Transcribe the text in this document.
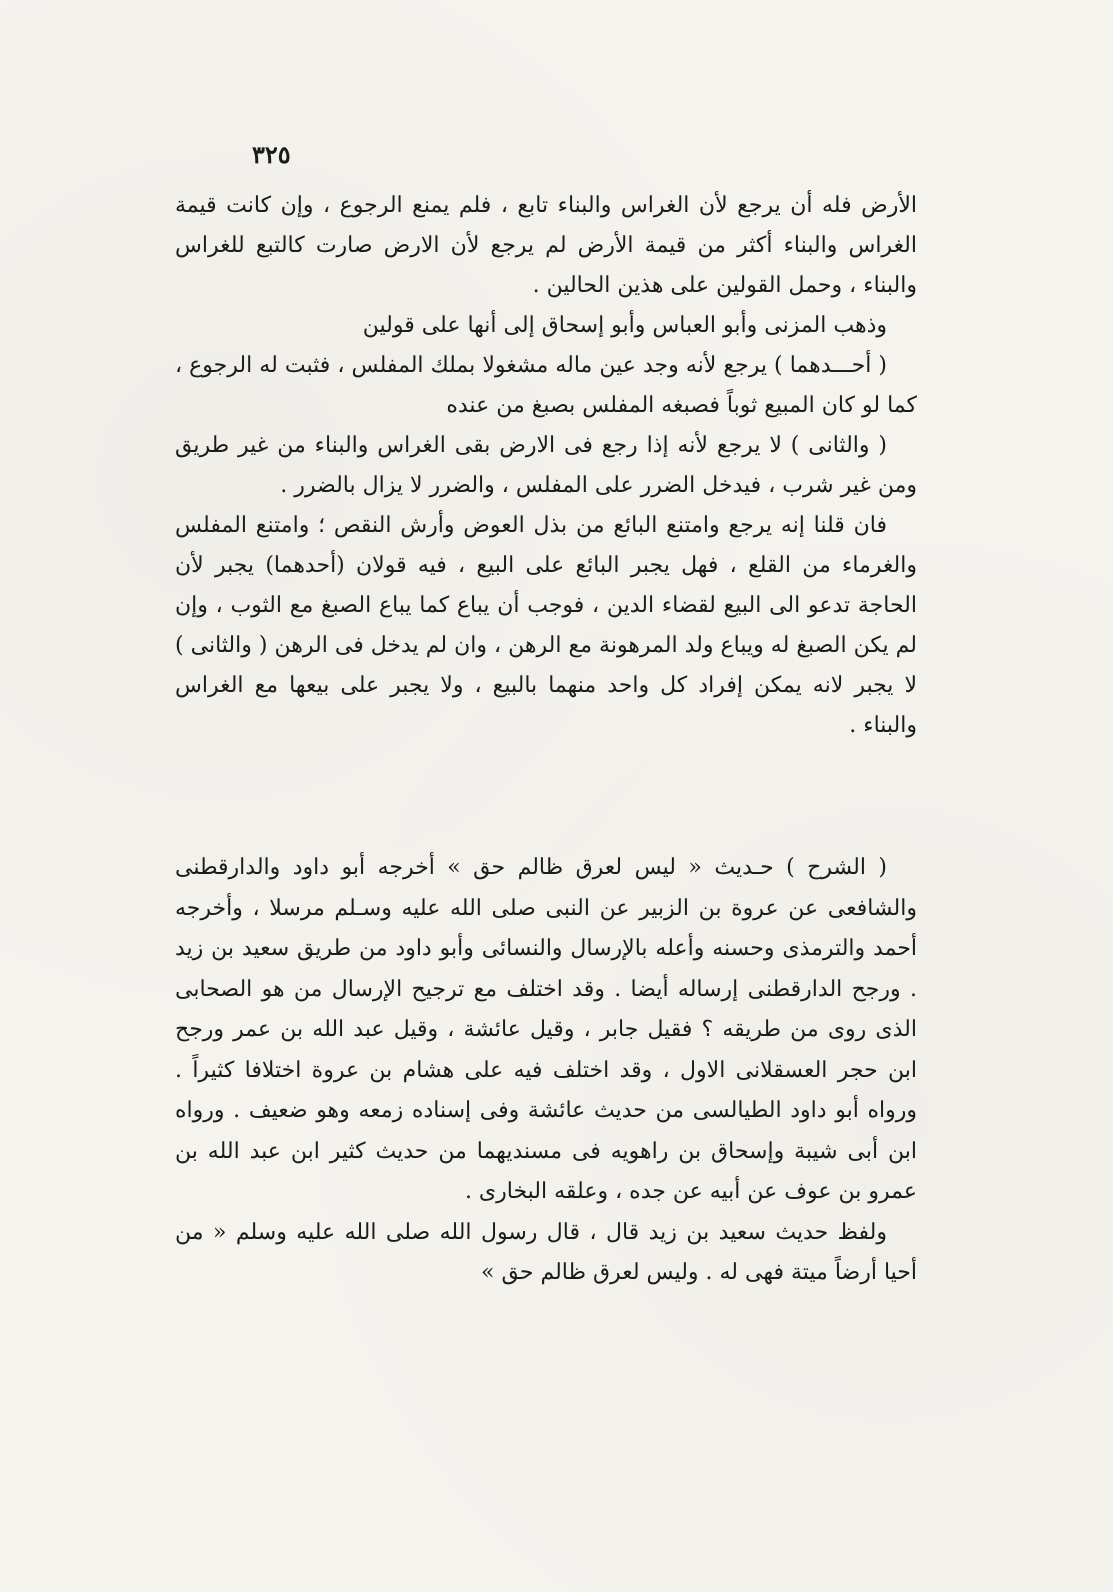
٣٢٥

الأرض فله أن يرجع لأن الغراس والبناء تابع ، فلم يمنع الرجوع ، وإن كانت قيمة الغراس والبناء أكثر من قيمة الأرض لم يرجع لأن الارض صارت كالتبع للغراس والبناء ، وحمل القولين على هذين الحالين .

وذهب المزنى وأبو العباس وأبو إسحاق إلى أنها على قولين

( أحـــدهما ) يرجع لأنه وجد عين ماله مشغولا بملك المفلس ، فثبت له الرجوع ، كما لو كان المبيع ثوباً فصبغه المفلس بصبغ من عنده

( والثانى ) لا يرجع لأنه إذا رجع فى الارض بقى الغراس والبناء من غير طريق ومن غير شرب ، فيدخل الضرر على المفلس ، والضرر لا يزال بالضرر .

فان قلنا إنه يرجع وامتنع البائع من بذل العوض وأرش النقص ؛ وامتنع المفلس والغرماء من القلع ، فهل يجبر البائع على البيع ، فيه قولان (أحدهما) يجبر لأن الحاجة تدعو الى البيع لقضاء الدين ، فوجب أن يباع كما يباع الصبغ مع الثوب ، وإن لم يكن الصبغ له ويباع ولد المرهونة مع الرهن ، وان لم يدخل فى الرهن ( والثانى ) لا يجبر لانه يمكن إفراد كل واحد منهما بالبيع ، ولا يجبر على بيعها مع الغراس والبناء .

( الشرح ) حـديث « ليس لعرق ظالم حق » أخرجه أبو داود والدارقطنى والشافعى عن عروة بن الزبير عن النبى صلى الله عليه وسـلم مرسلا ، وأخرجه أحمد والترمذى وحسنه وأعله بالإرسال والنسائى وأبو داود من طريق سعيد بن زيد . ورجح الدارقطنى إرساله أيضا . وقد اختلف مع ترجيح الإرسال من هو الصحابى الذى روى من طريقه ؟ فقيل جابر ، وقيل عائشة ، وقيل عبد الله بن عمر ورجح ابن حجر العسقلانى الاول ، وقد اختلف فيه على هشام بن عروة اختلافا كثيراً . ورواه أبو داود الطيالسى من حديث عائشة وفى إسناده زمعه وهو ضعيف . ورواه ابن أبى شيبة وإسحاق بن راهويه فى مسنديهما من حديث كثير ابن عبد الله بن عمرو بن عوف عن أبيه عن جده ، وعلقه البخارى .

ولفظ حديث سعيد بن زيد قال ، قال رسول الله صلى الله عليه وسلم « من أحيا أرضاً ميتة فهى له . وليس لعرق ظالم حق »
